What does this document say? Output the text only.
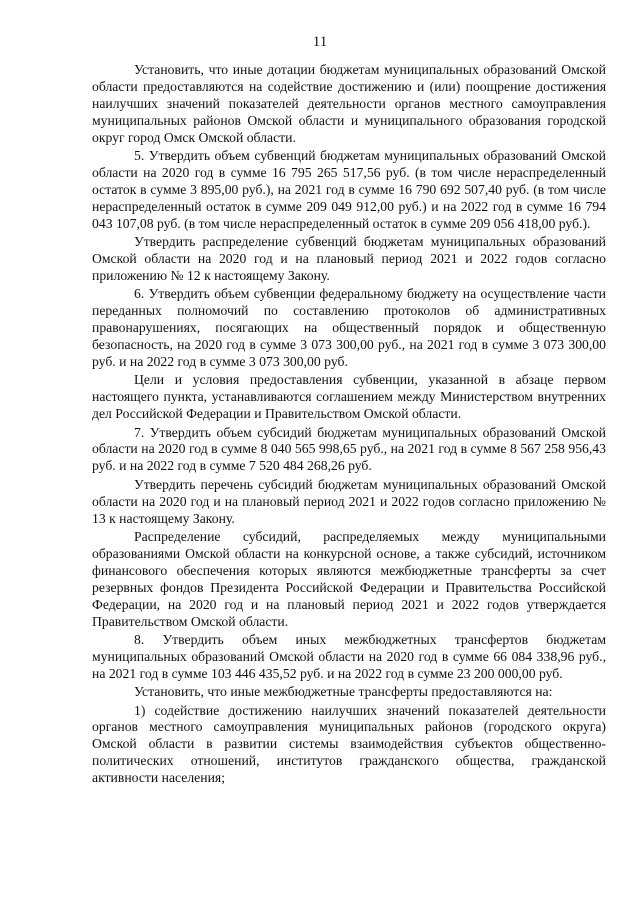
11

Установить, что иные дотации бюджетам муниципальных образований Омской области предоставляются на содействие достижению и (или) поощрение достижения наилучших значений показателей деятельности органов местного самоуправления муниципальных районов Омской области и муниципального образования городской округ город Омск Омской области.

5. Утвердить объем субвенций бюджетам муниципальных образований Омской области на 2020 год в сумме 16 795 265 517,56 руб. (в том числе нераспределенный остаток в сумме 3 895,00 руб.), на 2021 год в сумме 16 790 692 507,40 руб. (в том числе нераспределенный остаток в сумме 209 049 912,00 руб.) и на 2022 год в сумме 16 794 043 107,08 руб. (в том числе нераспределенный остаток в сумме 209 056 418,00 руб.).

Утвердить распределение субвенций бюджетам муниципальных образований Омской области на 2020 год и на плановый период 2021 и 2022 годов согласно приложению № 12 к настоящему Закону.

6. Утвердить объем субвенции федеральному бюджету на осуществление части переданных полномочий по составлению протоколов об административных правонарушениях, посягающих на общественный порядок и общественную безопасность, на 2020 год в сумме 3 073 300,00 руб., на 2021 год в сумме 3 073 300,00 руб. и на 2022 год в сумме 3 073 300,00 руб.

Цели и условия предоставления субвенции, указанной в абзаце первом настоящего пункта, устанавливаются соглашением между Министерством внутренних дел Российской Федерации и Правительством Омской области.

7. Утвердить объем субсидий бюджетам муниципальных образований Омской области на 2020 год в сумме 8 040 565 998,65 руб., на 2021 год в сумме 8 567 258 956,43 руб. и на 2022 год в сумме 7 520 484 268,26 руб.

Утвердить перечень субсидий бюджетам муниципальных образований Омской области на 2020 год и на плановый период 2021 и 2022 годов согласно приложению № 13 к настоящему Закону.

Распределение субсидий, распределяемых между муниципальными образованиями Омской области на конкурсной основе, а также субсидий, источником финансового обеспечения которых являются межбюджетные трансферты за счет резервных фондов Президента Российской Федерации и Правительства Российской Федерации, на 2020 год и на плановый период 2021 и 2022 годов утверждается Правительством Омской области.

8. Утвердить объем иных межбюджетных трансфертов бюджетам муниципальных образований Омской области на 2020 год в сумме 66 084 338,96 руб., на 2021 год в сумме 103 446 435,52 руб. и на 2022 год в сумме 23 200 000,00 руб.

Установить, что иные межбюджетные трансферты предоставляются на:

1) содействие достижению наилучших значений показателей деятельности органов местного самоуправления муниципальных районов (городского округа) Омской области в развитии системы взаимодействия субъектов общественно-политических отношений, институтов гражданского общества, гражданской активности населения;
